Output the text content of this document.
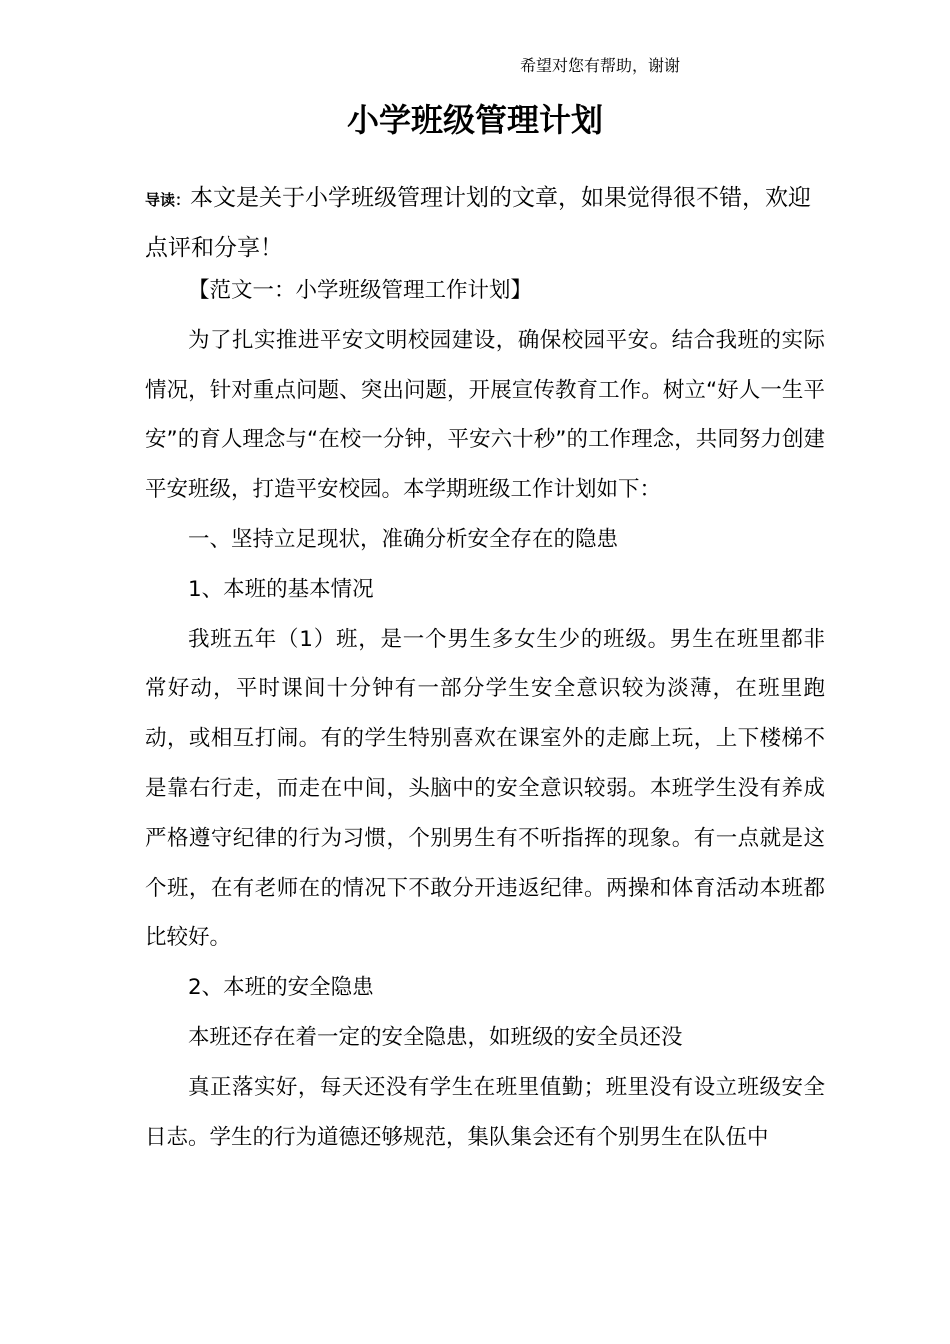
希望对您有帮助，谢谢
小学班级管理计划
导读：本文是关于小学班级管理计划的文章，如果觉得很不错，欢迎点评和分享！

【范文一：小学班级管理工作计划】

为了扎实推进平安文明校园建设，确保校园平安。结合我班的实际情况，针对重点问题、突出问题，开展宣传教育工作。树立“好人一生平安”的育人理念与“在校一分钟，平安六十秒”的工作理念，共同努力创建平安班级，打造平安校园。本学期班级工作计划如下：

一、坚持立足现状，准确分析安全存在的隐患

1、本班的基本情况

我班五年（1）班，是一个男生多女生少的班级。男生在班里都非常好动，平时课间十分钟有一部分学生安全意识较为淡薄，在班里跑动，或相互打闹。有的学生特别喜欢在课室外的走廊上玩，上下楼梯不是靠右行走，而走在中间，头脑中的安全意识较弱。本班学生没有养成严格遵守纪律的行为习惯，个别男生有不听指挥的现象。有一点就是这个班，在有老师在的情况下不敢分开违返纪律。两操和体育活动本班都比较好。

2、本班的安全隐患

本班还存在着一定的安全隐患，如班级的安全员还没

真正落实好，每天还没有学生在班里值勤；班里没有设立班级安全日志。学生的行为道德还够规范，集队集会还有个别男生在队伍中
